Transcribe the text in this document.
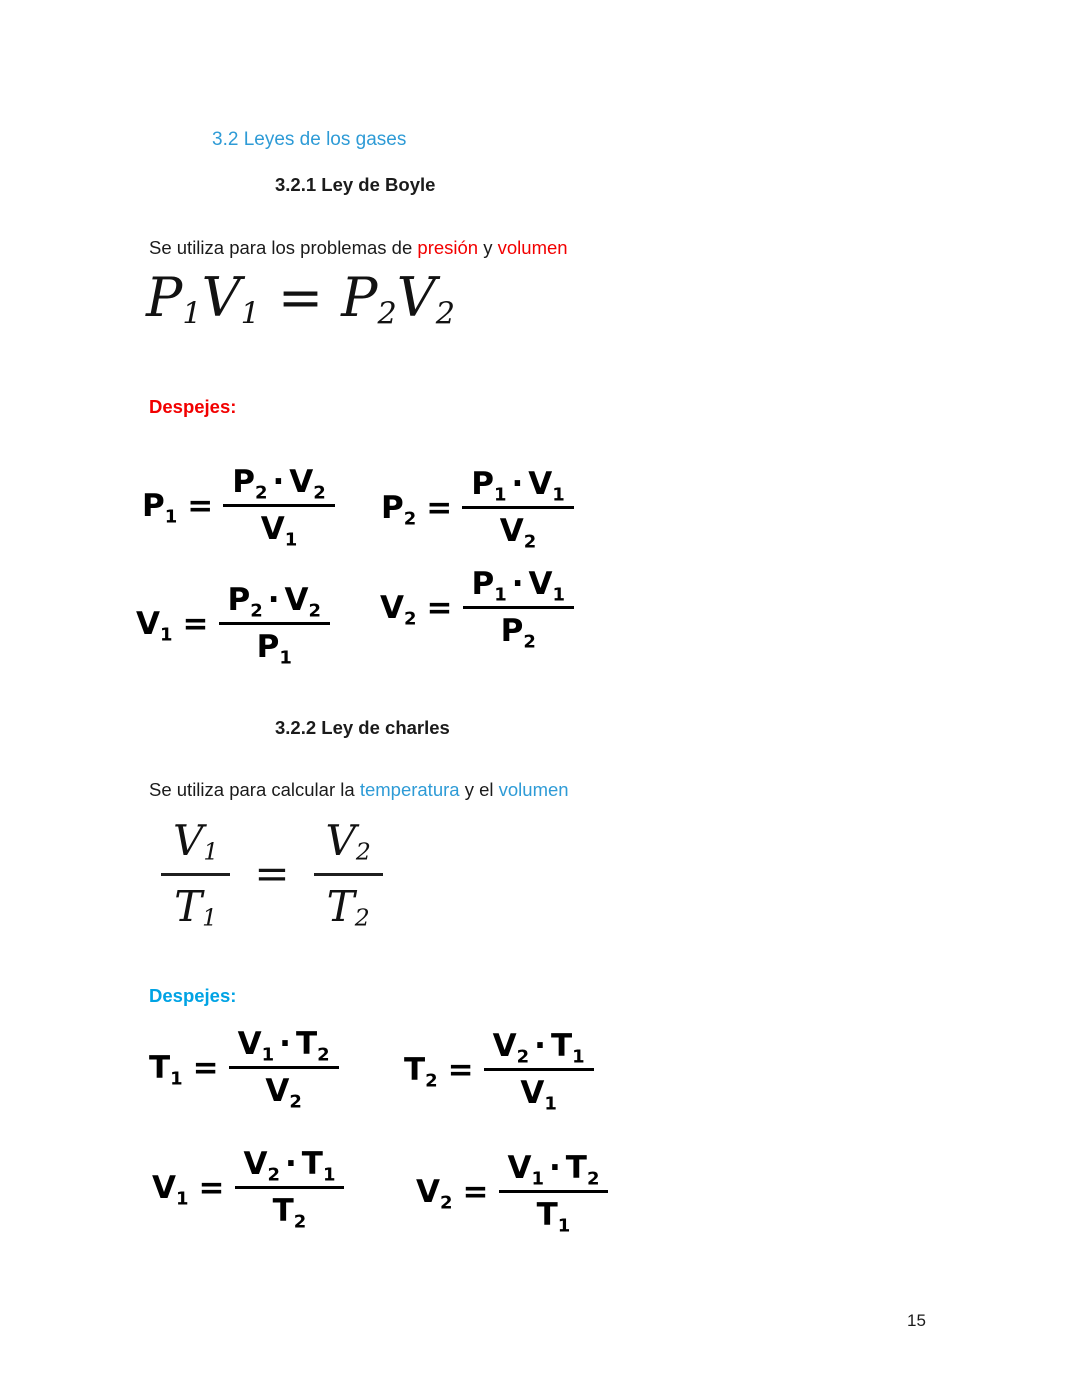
3.2 Leyes de los gases
3.2.1 Ley de Boyle

Se utiliza para los problemas de presión y volumen

$P_1V_1 = P_2V_2$
Despejes:
$P_1 = \frac{P_2 \cdot V_2}{V_1} P_2 = \frac{P_1 \cdot V_1}{V_2}$
$V_1 = \frac{P_2 \cdot V_2}{P_1} V_2 = \frac{P_1 \cdot V_1}{P_2}$
3.2.2 Ley de charles

Se utiliza para calcular la temperatura y el volumen

$\frac{V_1}{T_1} = \frac{V_2}{T_2}$
Despejes:
$T_1 = \frac{V_1 \cdot T_2}{V_2} T_2 = \frac{V_2 \cdot T_1}{V_1}$
$V_1 = \frac{V_2 \cdot T_1}{T_2} V_2 = \frac{V_1 \cdot T_2}{T_1}$
15
